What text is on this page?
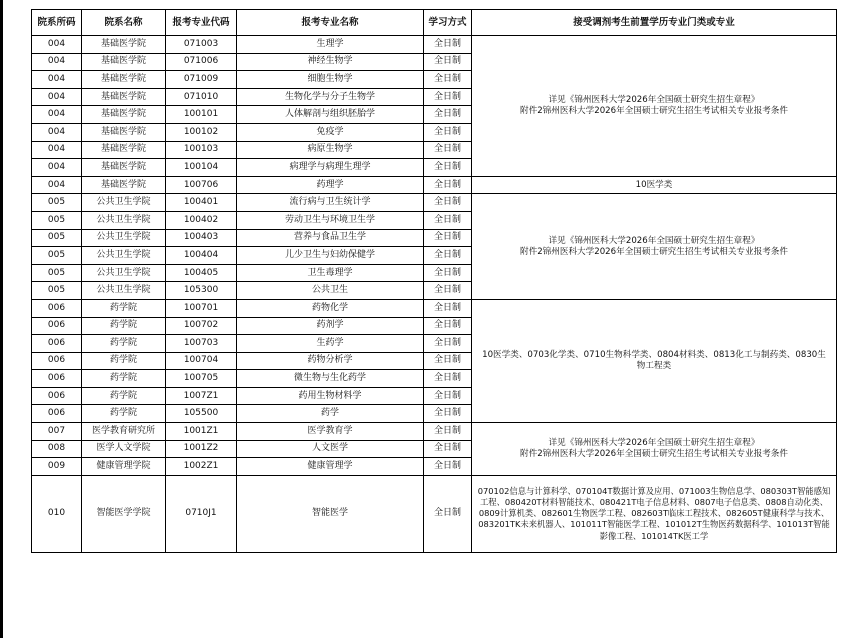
院系所码	院系名称	报考专业代码	报考专业名称	学习方式	接受调剂考生前置学历专业门类或专业
004	基础医学院	071003	生理学	全日制	详见《锦州医科大学2026年全国硕士研究生招生章程》
附件2锦州医科大学2026年全国硕士研究生招生考试相关专业报考条件

004	基础医学院	071006	神经生物学	全日制	
004	基础医学院	071009	细胞生物学	全日制	
004	基础医学院	071010	生物化学与分子生物学	全日制	
004	基础医学院	100101	人体解剖与组织胚胎学	全日制	
004	基础医学院	100102	免疫学	全日制	
004	基础医学院	100103	病原生物学	全日制	
004	基础医学院	100104	病理学与病理生理学	全日制	
004	基础医学院	100706	药理学	全日制	10医学类
005	公共卫生学院	100401	流行病与卫生统计学	全日制	详见《锦州医科大学2026年全国硕士研究生招生章程》
附件2锦州医科大学2026年全国硕士研究生招生考试相关专业报考条件

005	公共卫生学院	100402	劳动卫生与环境卫生学	全日制	
005	公共卫生学院	100403	营养与食品卫生学	全日制	
005	公共卫生学院	100404	儿少卫生与妇幼保健学	全日制	
005	公共卫生学院	100405	卫生毒理学	全日制	
005	公共卫生学院	105300	公共卫生	全日制	
006	药学院	100701	药物化学	全日制	10医学类、0703化学类、0710生物科学类、0804材料类、0813化工与制药类、0830生物工程类
006	药学院	100702	药剂学	全日制	
006	药学院	100703	生药学	全日制	
006	药学院	100704	药物分析学	全日制	
006	药学院	100705	微生物与生化药学	全日制	
006	药学院	1007Z1	药用生物材料学	全日制	
006	药学院	105500	药学	全日制	
007	医学教育研究所	1001Z1	医学教育学	全日制	详见《锦州医科大学2026年全国硕士研究生招生章程》
附件2锦州医科大学2026年全国硕士研究生招生考试相关专业报考条件

008	医学人文学院	1001Z2	人文医学	全日制	
009	健康管理学院	1002Z1	健康管理学	全日制	
010	智能医学学院	0710J1	智能医学	全日制	070102信息与计算科学、070104T数据计算及应用、071003生物信息学、080303T智能感知工程、080420T材料智能技术、080421T电子信息材料、0807电子信息类、0808自动化类、0809计算机类、082601生物医学工程、082603T临床工程技术、082605T健康科学与技术、083201TK未来机器人、101011T智能医学工程、101012T生物医药数据科学、101013T智能影像工程、101014TK医工学
